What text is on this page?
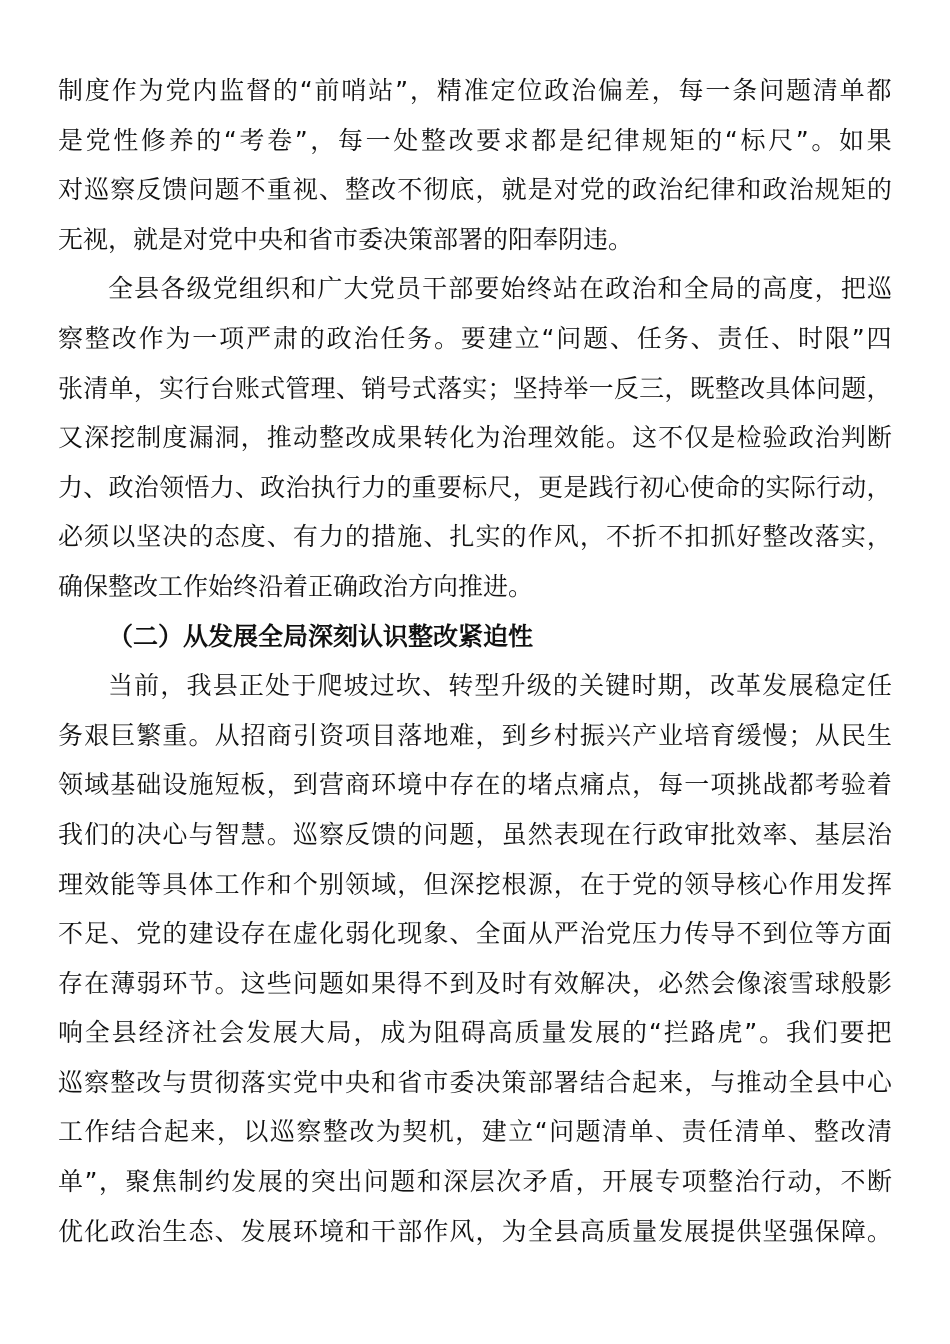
制 度 作 为 党 内 监 督 的 “ 前 哨 站 ” ， 精 准 定 位 政 治 偏 差 ， 每 一 条 问 题 清 单 都
是 党 性 修 养 的 “ 考 卷 ” ， 每 一 处 整 改 要 求 都 是 纪 律 规 矩 的 “ 标 尺 ” 。 如 果
对 巡 察 反 馈 问 题 不 重 视 、 整 改 不 彻 底 ， 就 是 对 党 的 政 治 纪 律 和 政 治 规 矩 的
无视，就是对党中央和省市委决策部署的阳奉阴违。
全 县 各 级 党 组 织 和 广 大 党 员 干 部 要 始 终 站 在 政 治 和 全 局 的 高 度 ， 把 巡
察 整 改 作 为 一 项 严 肃 的 政 治 任 务 。 要 建 立 “ 问 题 、 任 务 、 责 任 、 时 限 ” 四
张 清 单 ， 实 行 台 账 式 管 理 、 销 号 式 落 实 ； 坚 持 举 一 反 三 ， 既 整 改 具 体 问 题 ，
又 深 挖 制 度 漏 洞 ， 推 动 整 改 成 果 转 化 为 治 理 效 能 。 这 不 仅 是 检 验 政 治 判 断
力 、 政 治 领 悟 力 、 政 治 执 行 力 的 重 要 标 尺 ， 更 是 践 行 初 心 使 命 的 实 际 行 动 ，
必 须 以 坚 决 的 态 度 、 有 力 的 措 施 、 扎 实 的 作 风 ， 不 折 不 扣 抓 好 整 改 落 实 ，
确保整改工作始终沿着正确政治方向推进。
（二）从发展全局深刻认识整改紧迫性
当 前 ， 我 县 正 处 于 爬 坡 过 坎 、 转 型 升 级 的 关 键 时 期 ， 改 革 发 展 稳 定 任
务 艰 巨 繁 重 。 从 招 商 引 资 项 目 落 地 难 ， 到 乡 村 振 兴 产 业 培 育 缓 慢 ； 从 民 生
领 域 基 础 设 施 短 板 ， 到 营 商 环 境 中 存 在 的 堵 点 痛 点 ， 每 一 项 挑 战 都 考 验 着
我 们 的 决 心 与 智 慧 。 巡 察 反 馈 的 问 题 ， 虽 然 表 现 在 行 政 审 批 效 率 、 基 层 治
理 效 能 等 具 体 工 作 和 个 别 领 域 ， 但 深 挖 根 源 ， 在 于 党 的 领 导 核 心 作 用 发 挥
不 足 、 党 的 建 设 存 在 虚 化 弱 化 现 象 、 全 面 从 严 治 党 压 力 传 导 不 到 位 等 方 面
存 在 薄 弱 环 节 。 这 些 问 题 如 果 得 不 到 及 时 有 效 解 决 ， 必 然 会 像 滚 雪 球 般 影
响 全 县 经 济 社 会 发 展 大 局 ， 成 为 阻 碍 高 质 量 发 展 的 “ 拦 路 虎 ” 。 我 们 要 把
巡 察 整 改 与 贯 彻 落 实 党 中 央 和 省 市 委 决 策 部 署 结 合 起 来 ， 与 推 动 全 县 中 心
工 作 结 合 起 来 ， 以 巡 察 整 改 为 契 机 ， 建 立 “ 问 题 清 单 、 责 任 清 单 、 整 改 清
单 ” ， 聚 焦 制 约 发 展 的 突 出 问 题 和 深 层 次 矛 盾 ， 开 展 专 项 整 治 行 动 ， 不 断
优 化 政 治 生 态 、 发 展 环 境 和 干 部 作 风 ， 为 全 县 高 质 量 发 展 提 供 坚 强 保 障 。
